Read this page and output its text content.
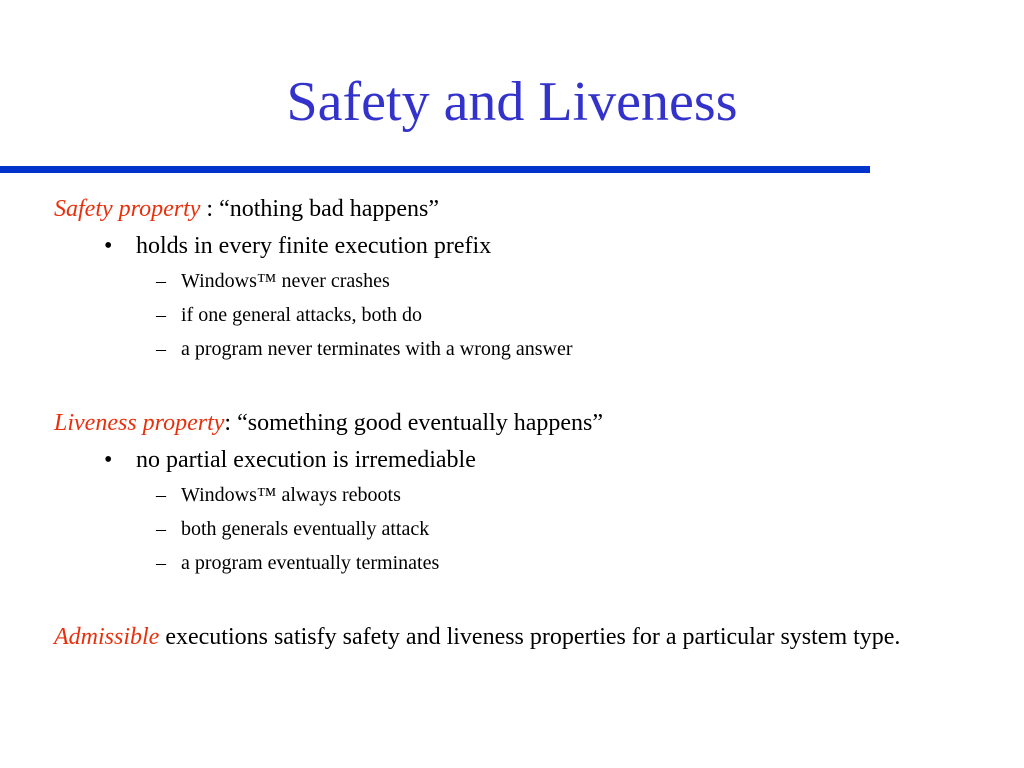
Safety and Liveness
Safety property : “nothing bad happens”
• holds in every finite execution prefix
– Windows™ never crashes
– if one general attacks, both do
– a program never terminates with a wrong answer
Liveness property: “something good eventually happens”
• no partial execution is irremediable
– Windows™ always reboots
– both generals eventually attack
– a program eventually terminates
Admissible executions satisfy safety and liveness properties for a particular system type.
